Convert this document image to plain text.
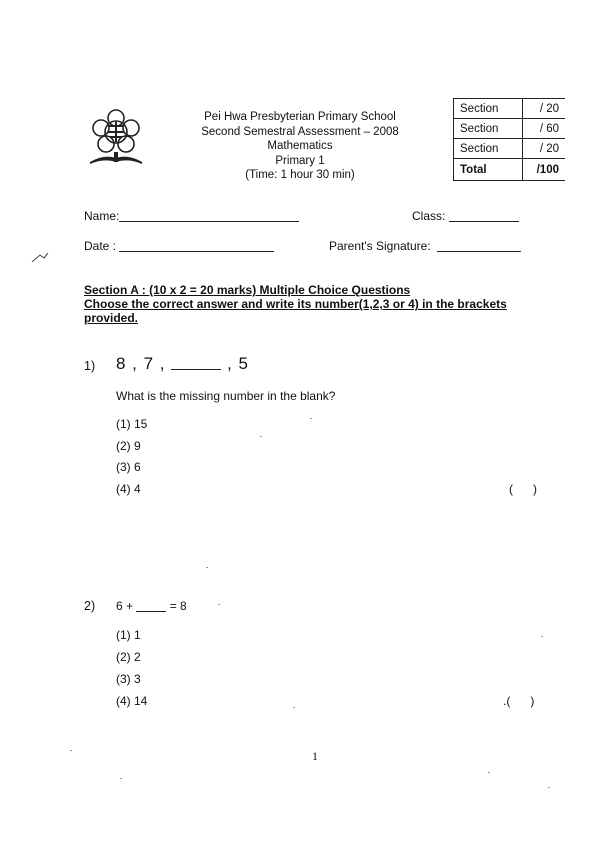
Pei Hwa Presbyterian Primary School
Second Semestral Assessment – 2008
Mathematics
Primary 1
(Time: 1 hour 30 min)
Section	/ 20
Section	/ 60
Section	/ 20
Total	/100
Name:	Class:
Date :	Parent's Signature:
Section A : (10 x 2 = 20 marks) Multiple Choice Questions
Choose the correct answer and write its number(1,2,3 or 4) in the brackets
provided.
1) 8 , 7 ,	, 5
What is the missing number in the blank?
(1) 15
(2) 9
(3) 6
(4) 4	(      )
2) 6 +	= 8
(1) 1
(2) 2
(3) 3
(4) 14	.(      )
1
